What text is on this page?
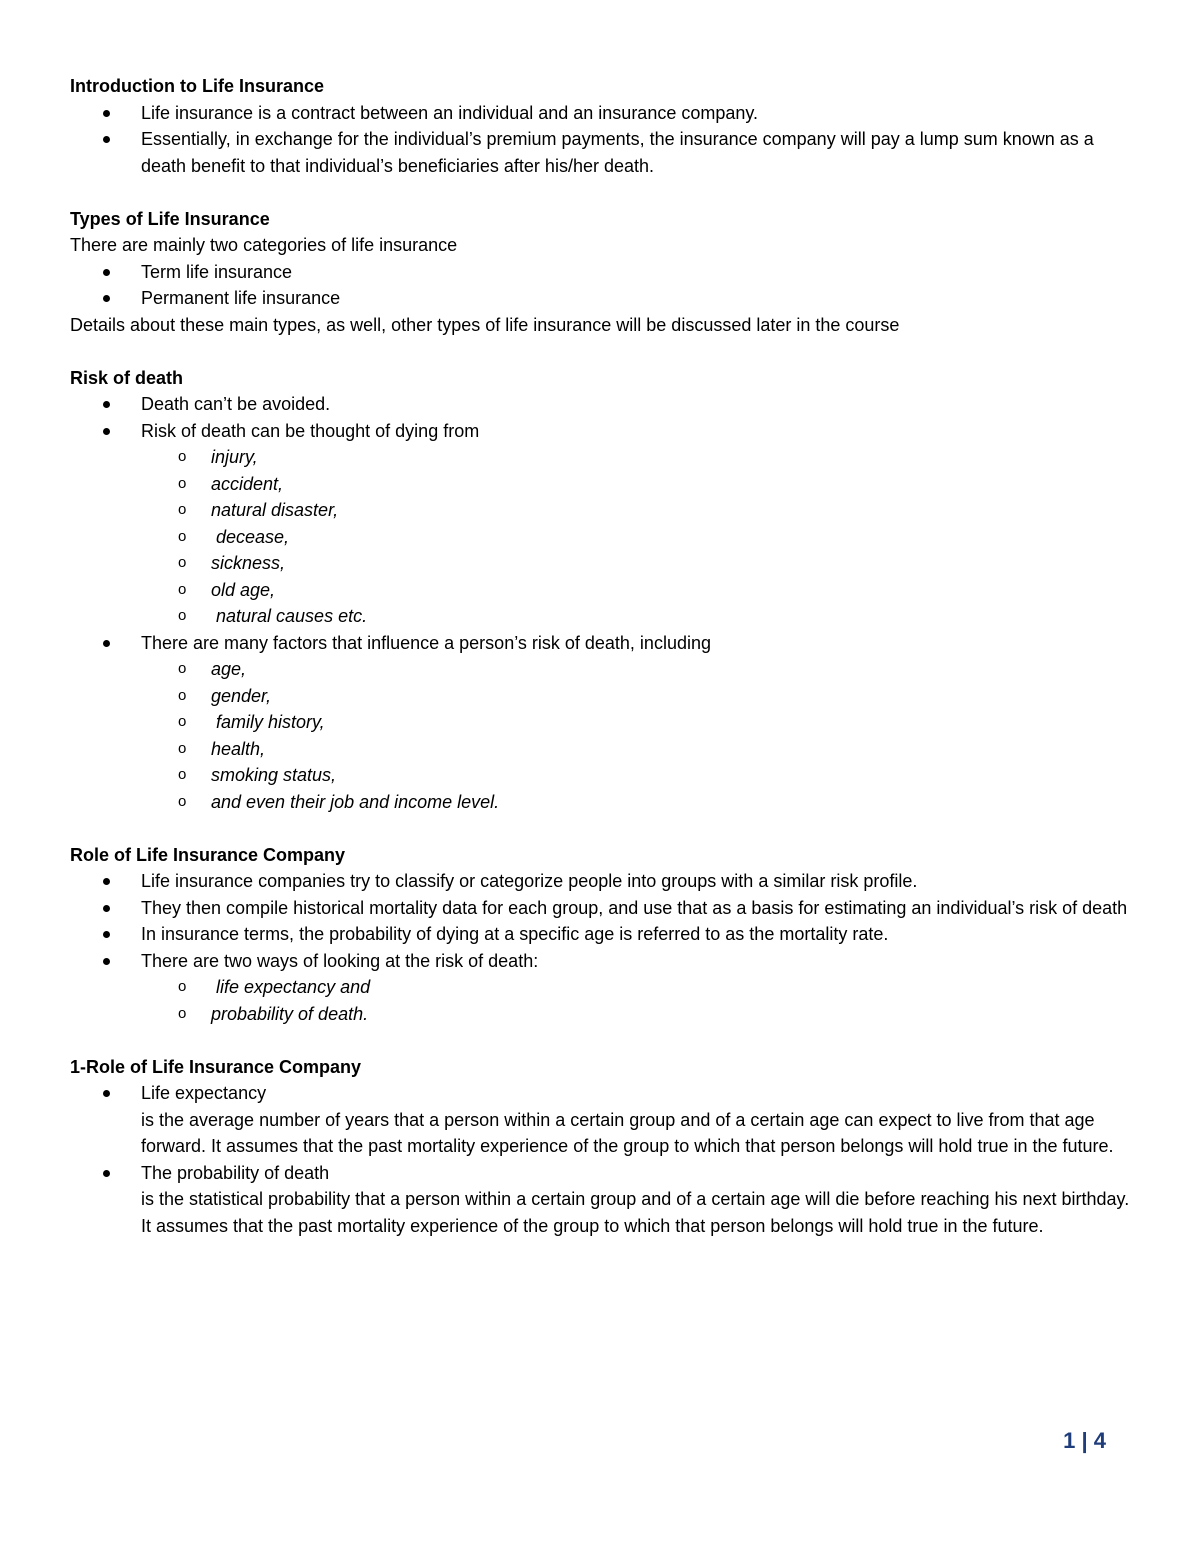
Introduction to Life Insurance
Life insurance is a contract between an individual and an insurance company.
Essentially, in exchange for the individual’s premium payments, the insurance company will pay a lump sum known as a death benefit to that individual’s beneficiaries after his/her death.
Types of Life Insurance
There are mainly two categories of life insurance
Term life insurance
Permanent life insurance
Details about these main types, as well, other types of life insurance will be discussed later in the course
Risk of death
Death can’t be avoided.
Risk of death can be thought of dying from
o injury,
o accident,
o natural disaster,
o decease,
o sickness,
o old age,
o natural causes etc.
There are many factors that influence a person’s risk of death, including
o age,
o gender,
o family history,
o health,
o smoking status,
o and even their job and income level.
Role of Life Insurance Company
Life insurance companies try to classify or categorize people into groups with a similar risk profile.
They then compile historical mortality data for each group, and use that as a basis for estimating an individual’s risk of death
In insurance terms, the probability of dying at a specific age is referred to as the mortality rate.
There are two ways of looking at the risk of death:
o life expectancy and
o probability of death.
1-Role of Life Insurance Company
Life expectancy
is the average number of years that a person within a certain group and of a certain age can expect to live from that age forward. It assumes that the past mortality experience of the group to which that person belongs will hold true in the future.
The probability of death
is the statistical probability that a person within a certain group and of a certain age will die before reaching his next birthday. It assumes that the past mortality experience of the group to which that person belongs will hold true in the future.
1 | 4
